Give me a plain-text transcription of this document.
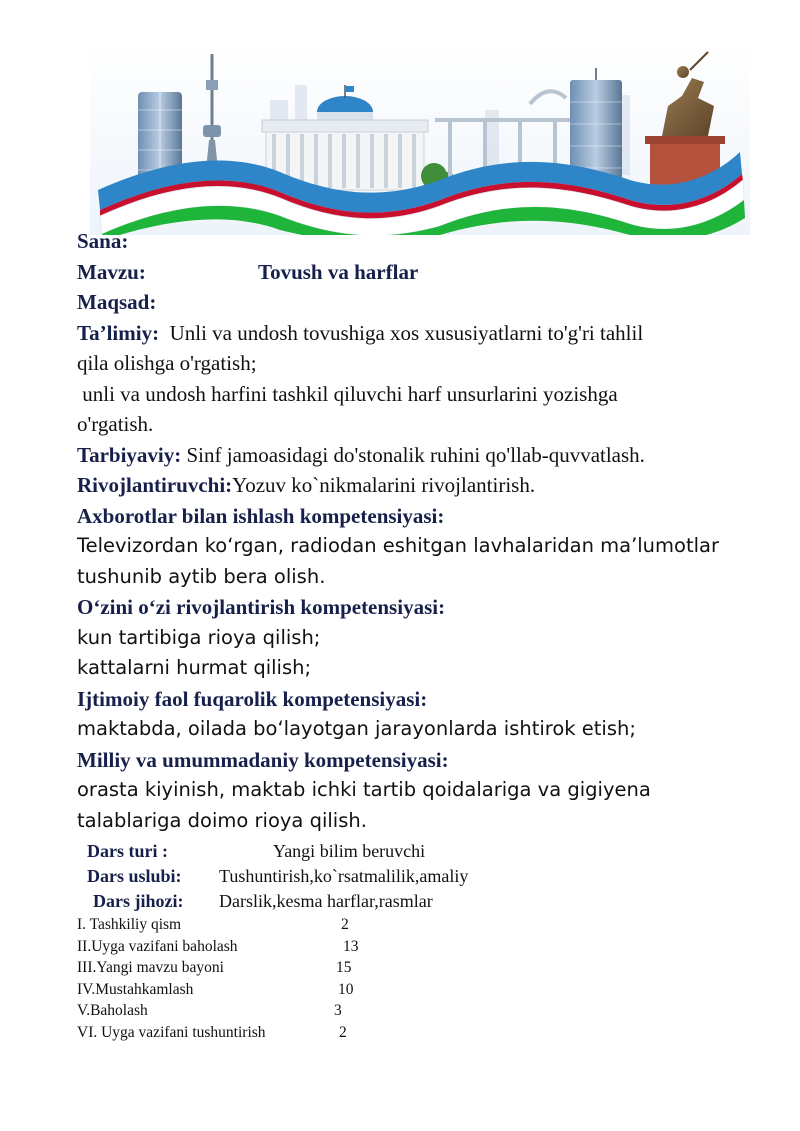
Sana:

Mavzu:	Tovush va harflar

Maqsad:

Ta’limiy: Unli va undosh tovushiga xos xususiyatlarni to'g'ri tahlil

qila olishga o'rgatish;

unli va undosh harfini tashkil qiluvchi harf unsurlarini yozishga

o'rgatish.

Tarbiyaviy: Sinf jamoasidagi do'stonalik ruhini qo'llab-quvvatlash.

Rivojlantiruvchi:Yozuv ko`nikmalarini rivojlantirish.

Axborotlar bilan ishlash kompetensiyasi:

Televizordan ko‘rgan, radiodan eshitgan lavhalaridan ma’lumotlar

tushunib aytib bera olish.

O‘zini o‘zi rivojlantirish kompetensiyasi:

kun tartibiga rioya qilish;

kattalarni hurmat qilish;

Ijtimoiy faol fuqarolik kompetensiyasi:

maktabda, oilada bo‘layotgan jarayonlarda ishtirok etish;

Milliy va umummadaniy kompetensiyasi:

orasta kiyinish, maktab ichki tartib qoidalariga va gigiyena

talablariga doimo rioya qilish.

Dars turi :	Yangi bilim beruvchi

Dars uslubi: Tushuntirish,ko`rsatmalilik,amaliy

Dars jihozi: Darslik,kesma harflar,rasmlar

I. Tashkiliy qism	2
II.Uyga vazifani baholash	13
III.Yangi mavzu bayoni	15
IV.Mustahkamlash	10
V.Baholash	3
VI. Uyga vazifani tushuntirish	2
